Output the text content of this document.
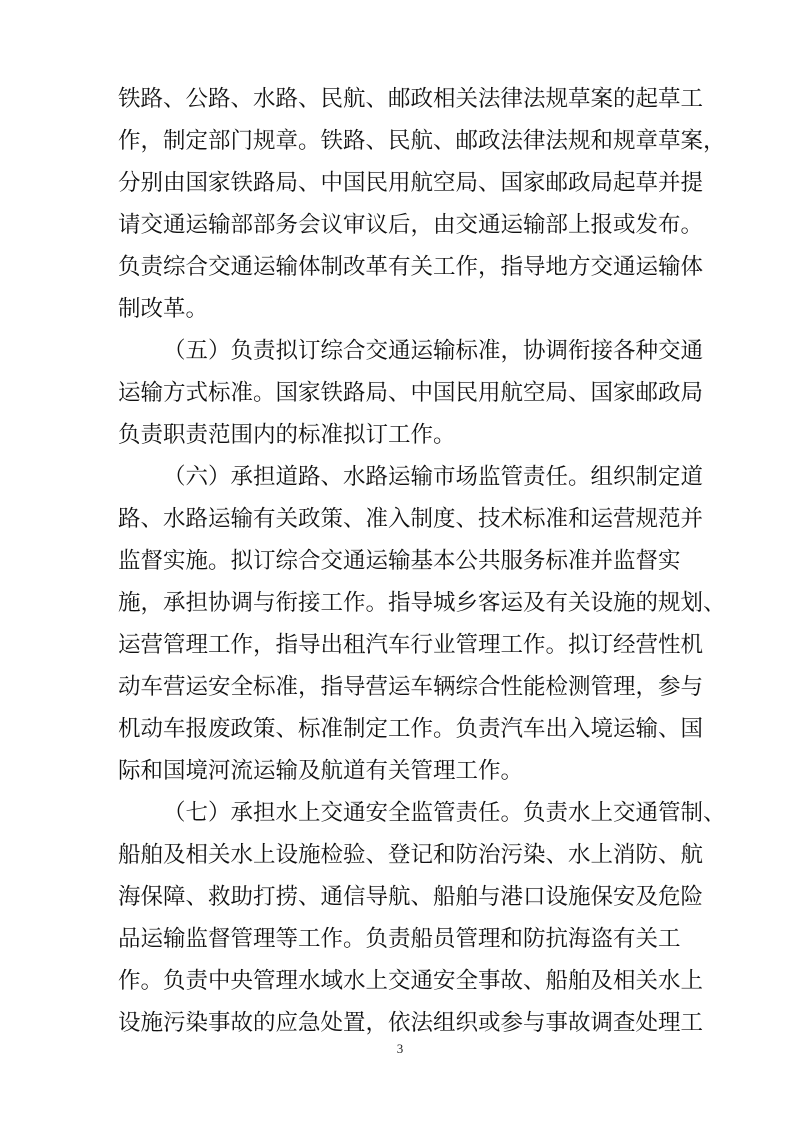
铁路、公路、水路、民航、邮政相关法律法规草案的起草工
作，制定部门规章。铁路、民航、邮政法律法规和规章草案，
分别由国家铁路局、中国民用航空局、国家邮政局起草并提
请交通运输部部务会议审议后，由交通运输部上报或发布。
负责综合交通运输体制改革有关工作，指导地方交通运输体
制改革。
（五）负责拟订综合交通运输标准，协调衔接各种交通
运输方式标准。国家铁路局、中国民用航空局、国家邮政局
负责职责范围内的标准拟订工作。
（六）承担道路、水路运输市场监管责任。组织制定道
路、水路运输有关政策、准入制度、技术标准和运营规范并
监督实施。拟订综合交通运输基本公共服务标准并监督实
施，承担协调与衔接工作。指导城乡客运及有关设施的规划、
运营管理工作，指导出租汽车行业管理工作。拟订经营性机
动车营运安全标准，指导营运车辆综合性能检测管理，参与
机动车报废政策、标准制定工作。负责汽车出入境运输、国
际和国境河流运输及航道有关管理工作。
（七）承担水上交通安全监管责任。负责水上交通管制、
船舶及相关水上设施检验、登记和防治污染、水上消防、航
海保障、救助打捞、通信导航、船舶与港口设施保安及危险
品运输监督管理等工作。负责船员管理和防抗海盗有关工
作。负责中央管理水域水上交通安全事故、船舶及相关水上
设施污染事故的应急处置，依法组织或参与事故调查处理工
3
